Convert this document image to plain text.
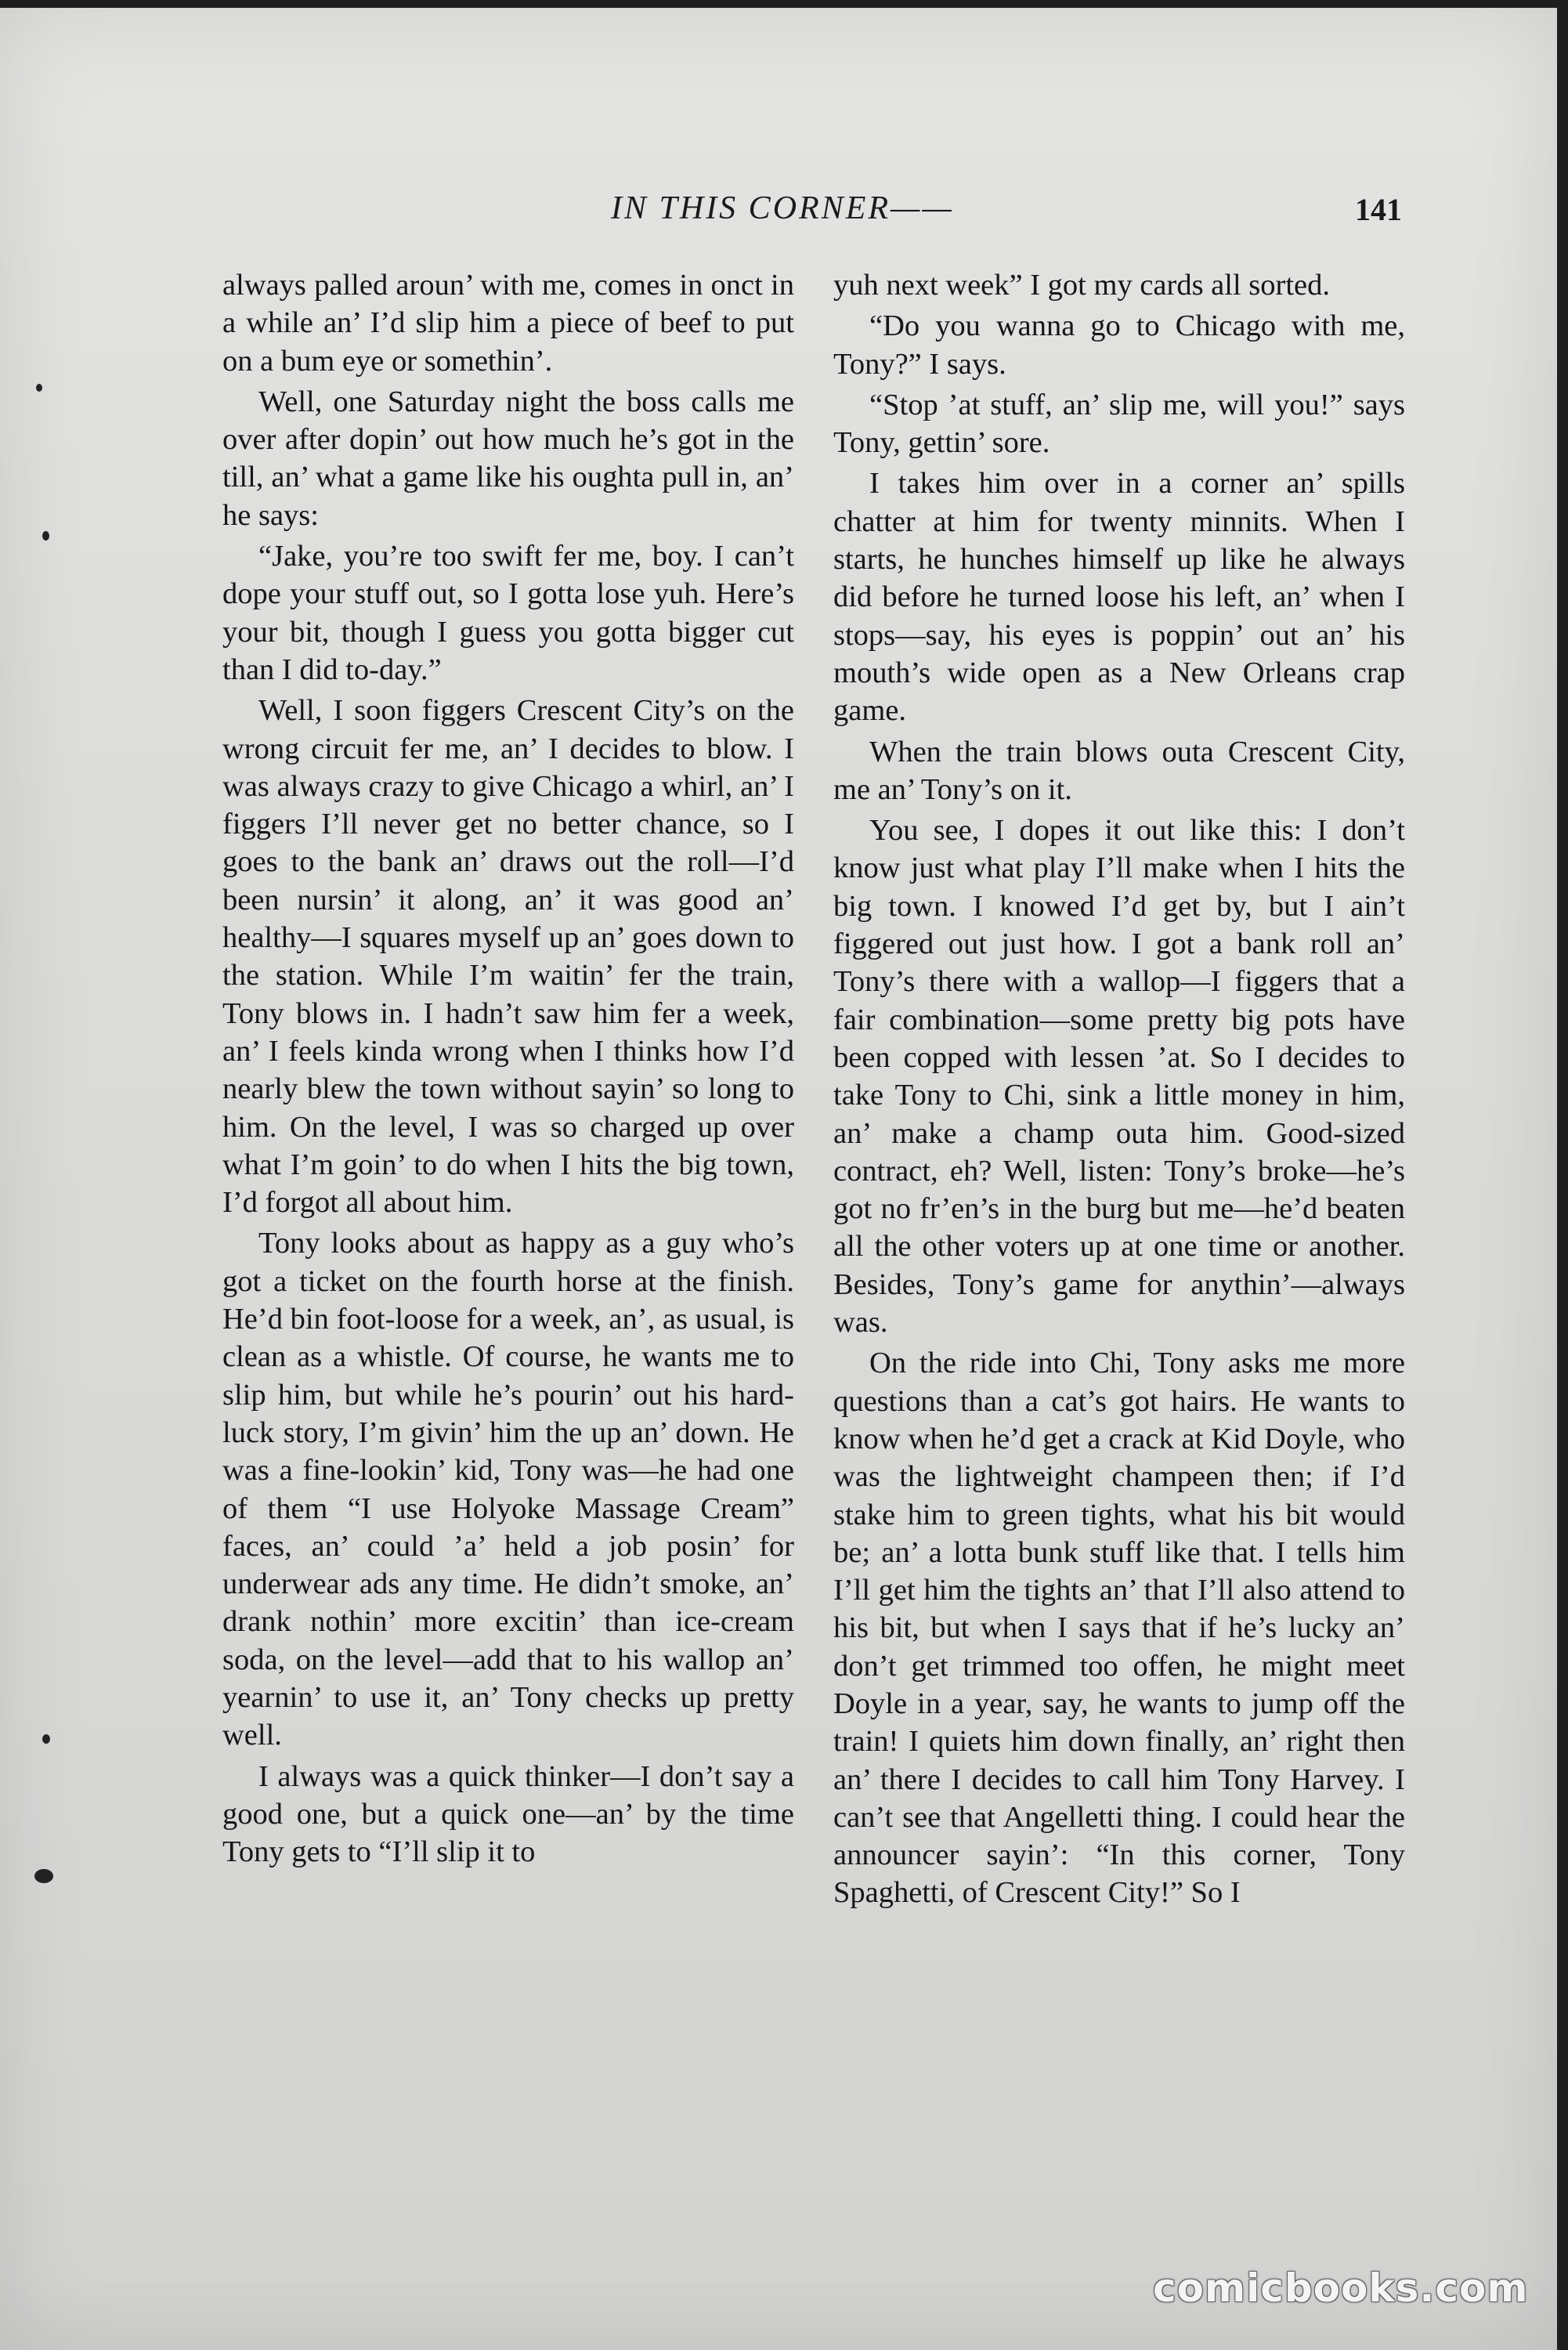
IN THIS CORNER——	141

always palled aroun’ with me, comes in onct in a while an’ I’d slip him a piece of beef to put on a bum eye or somethin’.

Well, one Saturday night the boss calls me over after dopin’ out how much he’s got in the till, an’ what a game like his oughta pull in, an’ he says:

“Jake, you’re too swift fer me, boy. I can’t dope your stuff out, so I gotta lose yuh. Here’s your bit, though I guess you gotta bigger cut than I did to-day.”

Well, I soon figgers Crescent City’s on the wrong circuit fer me, an’ I decides to blow. I was always crazy to give Chicago a whirl, an’ I figgers I’ll never get no better chance, so I goes to the bank an’ draws out the roll—I’d been nursin’ it along, an’ it was good an’ healthy—I squares myself up an’ goes down to the station. While I’m waitin’ fer the train, Tony blows in. I hadn’t saw him fer a week, an’ I feels kinda wrong when I thinks how I’d nearly blew the town without sayin’ so long to him. On the level, I was so charged up over what I’m goin’ to do when I hits the big town, I’d forgot all about him.

Tony looks about as happy as a guy who’s got a ticket on the fourth horse at the finish. He’d bin foot-loose for a week, an’, as usual, is clean as a whistle. Of course, he wants me to slip him, but while he’s pourin’ out his hard-luck story, I’m givin’ him the up an’ down. He was a fine-lookin’ kid, Tony was—he had one of them “I use Holyoke Massage Cream” faces, an’ could ’a’ held a job posin’ for underwear ads any time. He didn’t smoke, an’ drank nothin’ more excitin’ than ice-cream soda, on the level—add that to his wallop an’ yearnin’ to use it, an’ Tony checks up pretty well.

I always was a quick thinker—I don’t say a good one, but a quick one—an’ by the time Tony gets to “I’ll slip it to

yuh next week” I got my cards all sorted.

“Do you wanna go to Chicago with me, Tony?” I says.

“Stop ’at stuff, an’ slip me, will you!” says Tony, gettin’ sore.

I takes him over in a corner an’ spills chatter at him for twenty minnits. When I starts, he hunches himself up like he always did before he turned loose his left, an’ when I stops—say, his eyes is poppin’ out an’ his mouth’s wide open as a New Orleans crap game.

When the train blows outa Crescent City, me an’ Tony’s on it.

You see, I dopes it out like this: I don’t know just what play I’ll make when I hits the big town. I knowed I’d get by, but I ain’t figgered out just how. I got a bank roll an’ Tony’s there with a wallop—I figgers that a fair combination—some pretty big pots have been copped with lessen ’at. So I decides to take Tony to Chi, sink a little money in him, an’ make a champ outa him. Good-sized contract, eh? Well, listen: Tony’s broke—he’s got no fr’en’s in the burg but me—he’d beaten all the other voters up at one time or another. Besides, Tony’s game for anythin’—always was.

On the ride into Chi, Tony asks me more questions than a cat’s got hairs. He wants to know when he’d get a crack at Kid Doyle, who was the lightweight champeen then; if I’d stake him to green tights, what his bit would be; an’ a lotta bunk stuff like that. I tells him I’ll get him the tights an’ that I’ll also attend to his bit, but when I says that if he’s lucky an’ don’t get trimmed too offen, he might meet Doyle in a year, say, he wants to jump off the train! I quiets him down finally, an’ right then an’ there I decides to call him Tony Harvey. I can’t see that Angelletti thing. I could hear the announcer sayin’: “In this corner, Tony Spaghetti, of Crescent City!” So I

comicbooks.com
